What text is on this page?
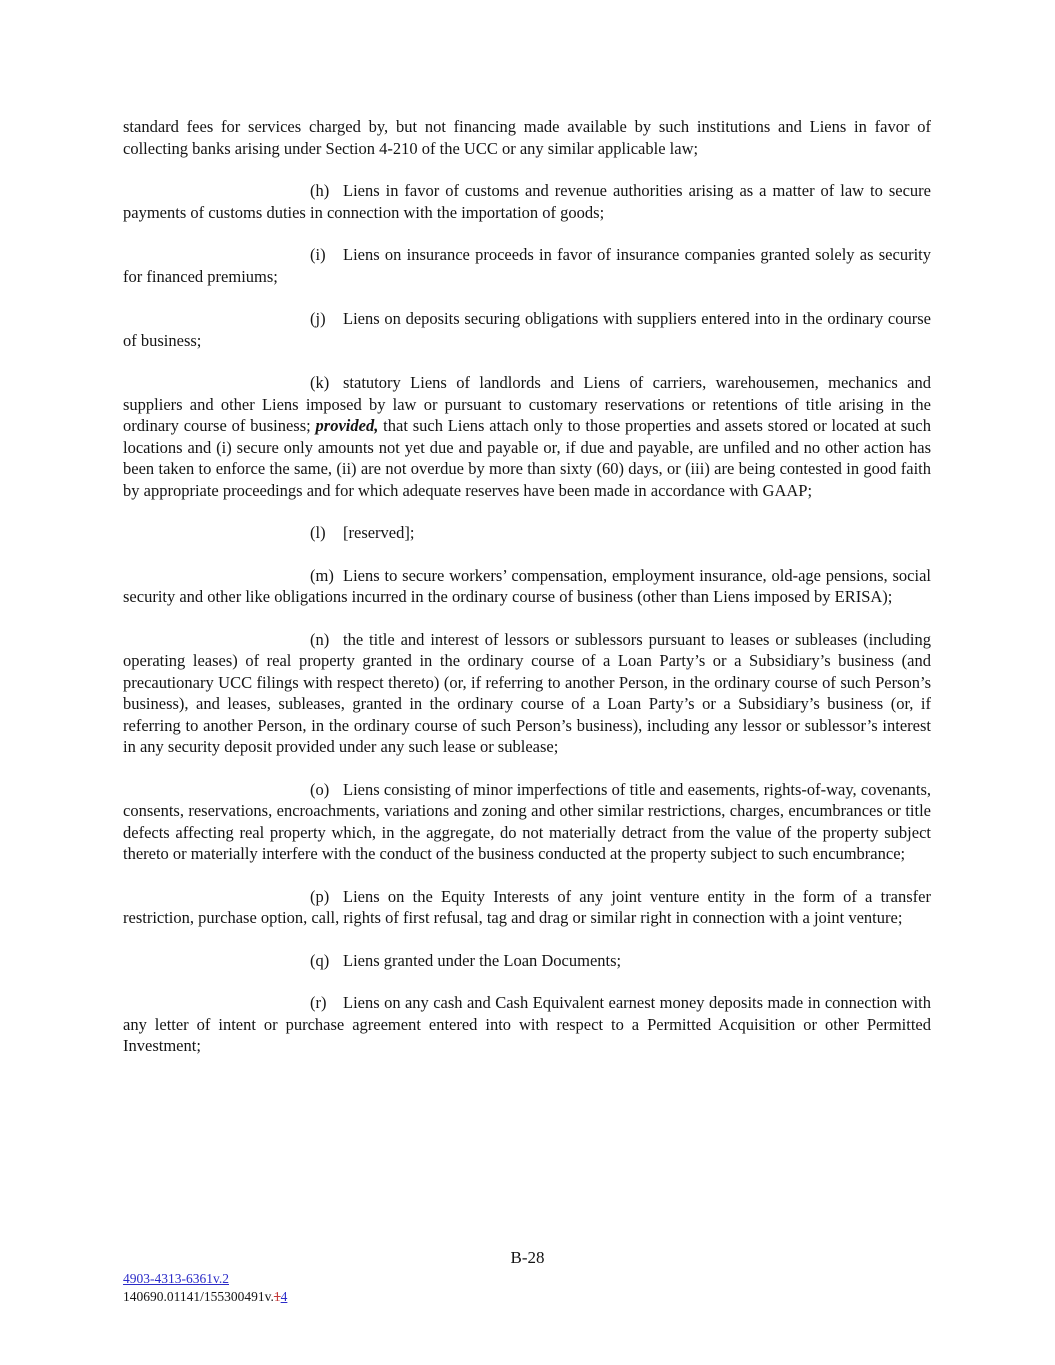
standard fees for services charged by, but not financing made available by such institutions and Liens in favor of collecting banks arising under Section 4-210 of the UCC or any similar applicable law;

(h) Liens in favor of customs and revenue authorities arising as a matter of law to secure payments of customs duties in connection with the importation of goods;

(i) Liens on insurance proceeds in favor of insurance companies granted solely as security for financed premiums;

(j) Liens on deposits securing obligations with suppliers entered into in the ordinary course of business;

(k) statutory Liens of landlords and Liens of carriers, warehousemen, mechanics and suppliers and other Liens imposed by law or pursuant to customary reservations or retentions of title arising in the ordinary course of business; provided, that such Liens attach only to those properties and assets stored or located at such locations and (i) secure only amounts not yet due and payable or, if due and payable, are unfiled and no other action has been taken to enforce the same, (ii) are not overdue by more than sixty (60) days, or (iii) are being contested in good faith by appropriate proceedings and for which adequate reserves have been made in accordance with GAAP;

(l) [reserved];

(m) Liens to secure workers’ compensation, employment insurance, old-age pensions, social security and other like obligations incurred in the ordinary course of business (other than Liens imposed by ERISA);

(n) the title and interest of lessors or sublessors pursuant to leases or subleases (including operating leases) of real property granted in the ordinary course of a Loan Party’s or a Subsidiary’s business (and precautionary UCC filings with respect thereto) (or, if referring to another Person, in the ordinary course of such Person’s business), and leases, subleases, granted in the ordinary course of a Loan Party’s or a Subsidiary’s business (or, if referring to another Person, in the ordinary course of such Person’s business), including any lessor or sublessor’s interest in any security deposit provided under any such lease or sublease;

(o) Liens consisting of minor imperfections of title and easements, rights-of-way, covenants, consents, reservations, encroachments, variations and zoning and other similar restrictions, charges, encumbrances or title defects affecting real property which, in the aggregate, do not materially detract from the value of the property subject thereto or materially interfere with the conduct of the business conducted at the property subject to such encumbrance;

(p) Liens on the Equity Interests of any joint venture entity in the form of a transfer restriction, purchase option, call, rights of first refusal, tag and drag or similar right in connection with a joint venture;

(q) Liens granted under the Loan Documents;

(r) Liens on any cash and Cash Equivalent earnest money deposits made in connection with any letter of intent or purchase agreement entered into with respect to a Permitted Acquisition or other Permitted Investment;

B-28
4903-4313-6361v.2
140690.01141/155300491v.14
